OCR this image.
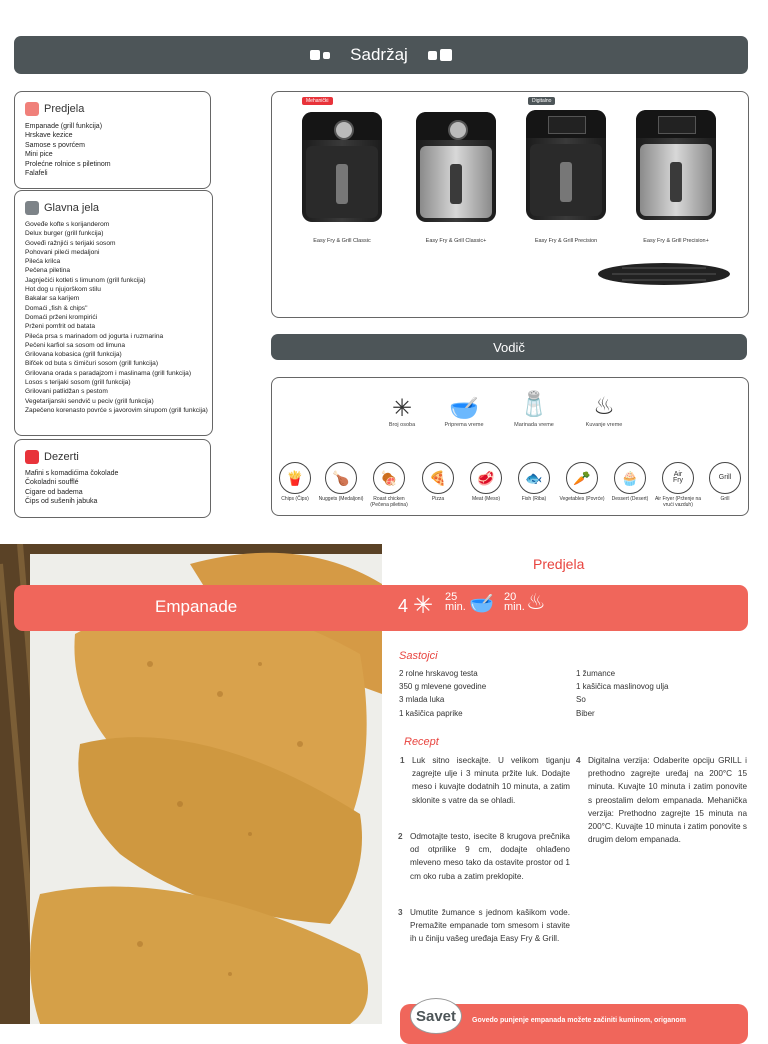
Sadržaj
Predjela
Empanade (grill funkcija)
Hrskave kezice
Samose s povrćem
Mini pice
Prolećne rolnice s piletinom
Falafeli
Glavna jela
Goveđe kofte s korijanderom
Delux burger (grill funkcija)
Goveđi ražnjići s terijaki sosom
Pohovani pileći medaljoni
Pileća krilca
Pečena piletina
Jagnječići kotleti s limunom (grill funkcija)
Hot dog u njujorškom stilu
Bakalar sa karijem
Domaći „fish & chips"
Domaći prženi krompirići
Prženi pomfrit od batata
Pileća prsa s marinadom od jogurta i ruzmarina
Pečeni karfiol sa sosom od limuna
Grilovana kobasica (grill funkcija)
Bifček od buta s čimičuri sosom (grill funkcija)
Grilovana orada s paradajzom i maslinama (grill funkcija)
Losos s terijaki sosom (grill funkcija)
Grilovani patlidžan s pestom
Vegetarijanski sendvič u peciv (grill funkcija)
Zapečeno korenasto povrće s javorovim sirupom (grill funkcija)
Dezerti
Mafini s komadićima čokolade
Čokoladni soufflé
Cigare od badema
Čips od sušenih jabuka
Mehanički	Digitalno
Easy Fry & Grill Classic	Easy Fry & Grill Classic+	Easy Fry & Grill Precision	Easy Fry & Grill Precision+
Vodič
✳
Broj osoba
🥣
Priprema vreme
🧂
Marinada vreme
♨
Kuvanje vreme
🍟
Chips (Čips)
🍗
Nuggets (Medaljoni)
🍖
Roast chicken (Pečena piletina)
🍕
Pizza
🥩
Meat (Meso)
🐟
Fish (Riba)
🥕
Vegetables (Povrće)
🧁
Dessert (Desert)
Air
Fry
Air Fryer (Prženje na vrući vazduh)
Grill
Grill
Predjela
Empanade	4 ✳ 25
min. 🥣 20
min. ♨
Sastojci
2 rolne hrskavog testa
350 g mlevene govedine
3 mlada luka
1 kašičica paprike
1 žumance
1 kašičica maslinovog ulja
So
Biber
Recept
1 Luk sitno iseckajte. U velikom tiganju zagrejte ulje i 3 minuta pržite luk. Dodajte meso i kuvajte dodatnih 10 minuta, a zatim sklonite s vatre da se ohladi.
2 Odmotajte testo, isecite 8 krugova prečnika od otprilike 9 cm, dodajte ohlađeno mleveno meso tako da ostavite prostor od 1 cm oko ruba a zatim preklopite.
3 Umutite žumance s jednom kašikom vode. Premažite empanade tom smesom i stavite ih u činiju vašeg uređaja Easy Fry & Grill.
4 Digitalna verzija: Odaberite opciju GRILL i prethodno zagrejte uređaj na 200°C 15 minuta. Kuvajte 10 minuta i zatim ponovite s preostalim delom empanada. Mehanička verzija: Prethodno zagrejte 15 minuta na 200°C. Kuvajte 10 minuta i zatim ponovite s drugim delom empanada.
Savet	Govedo punjenje empanada možete začiniti kuminom, origanom
